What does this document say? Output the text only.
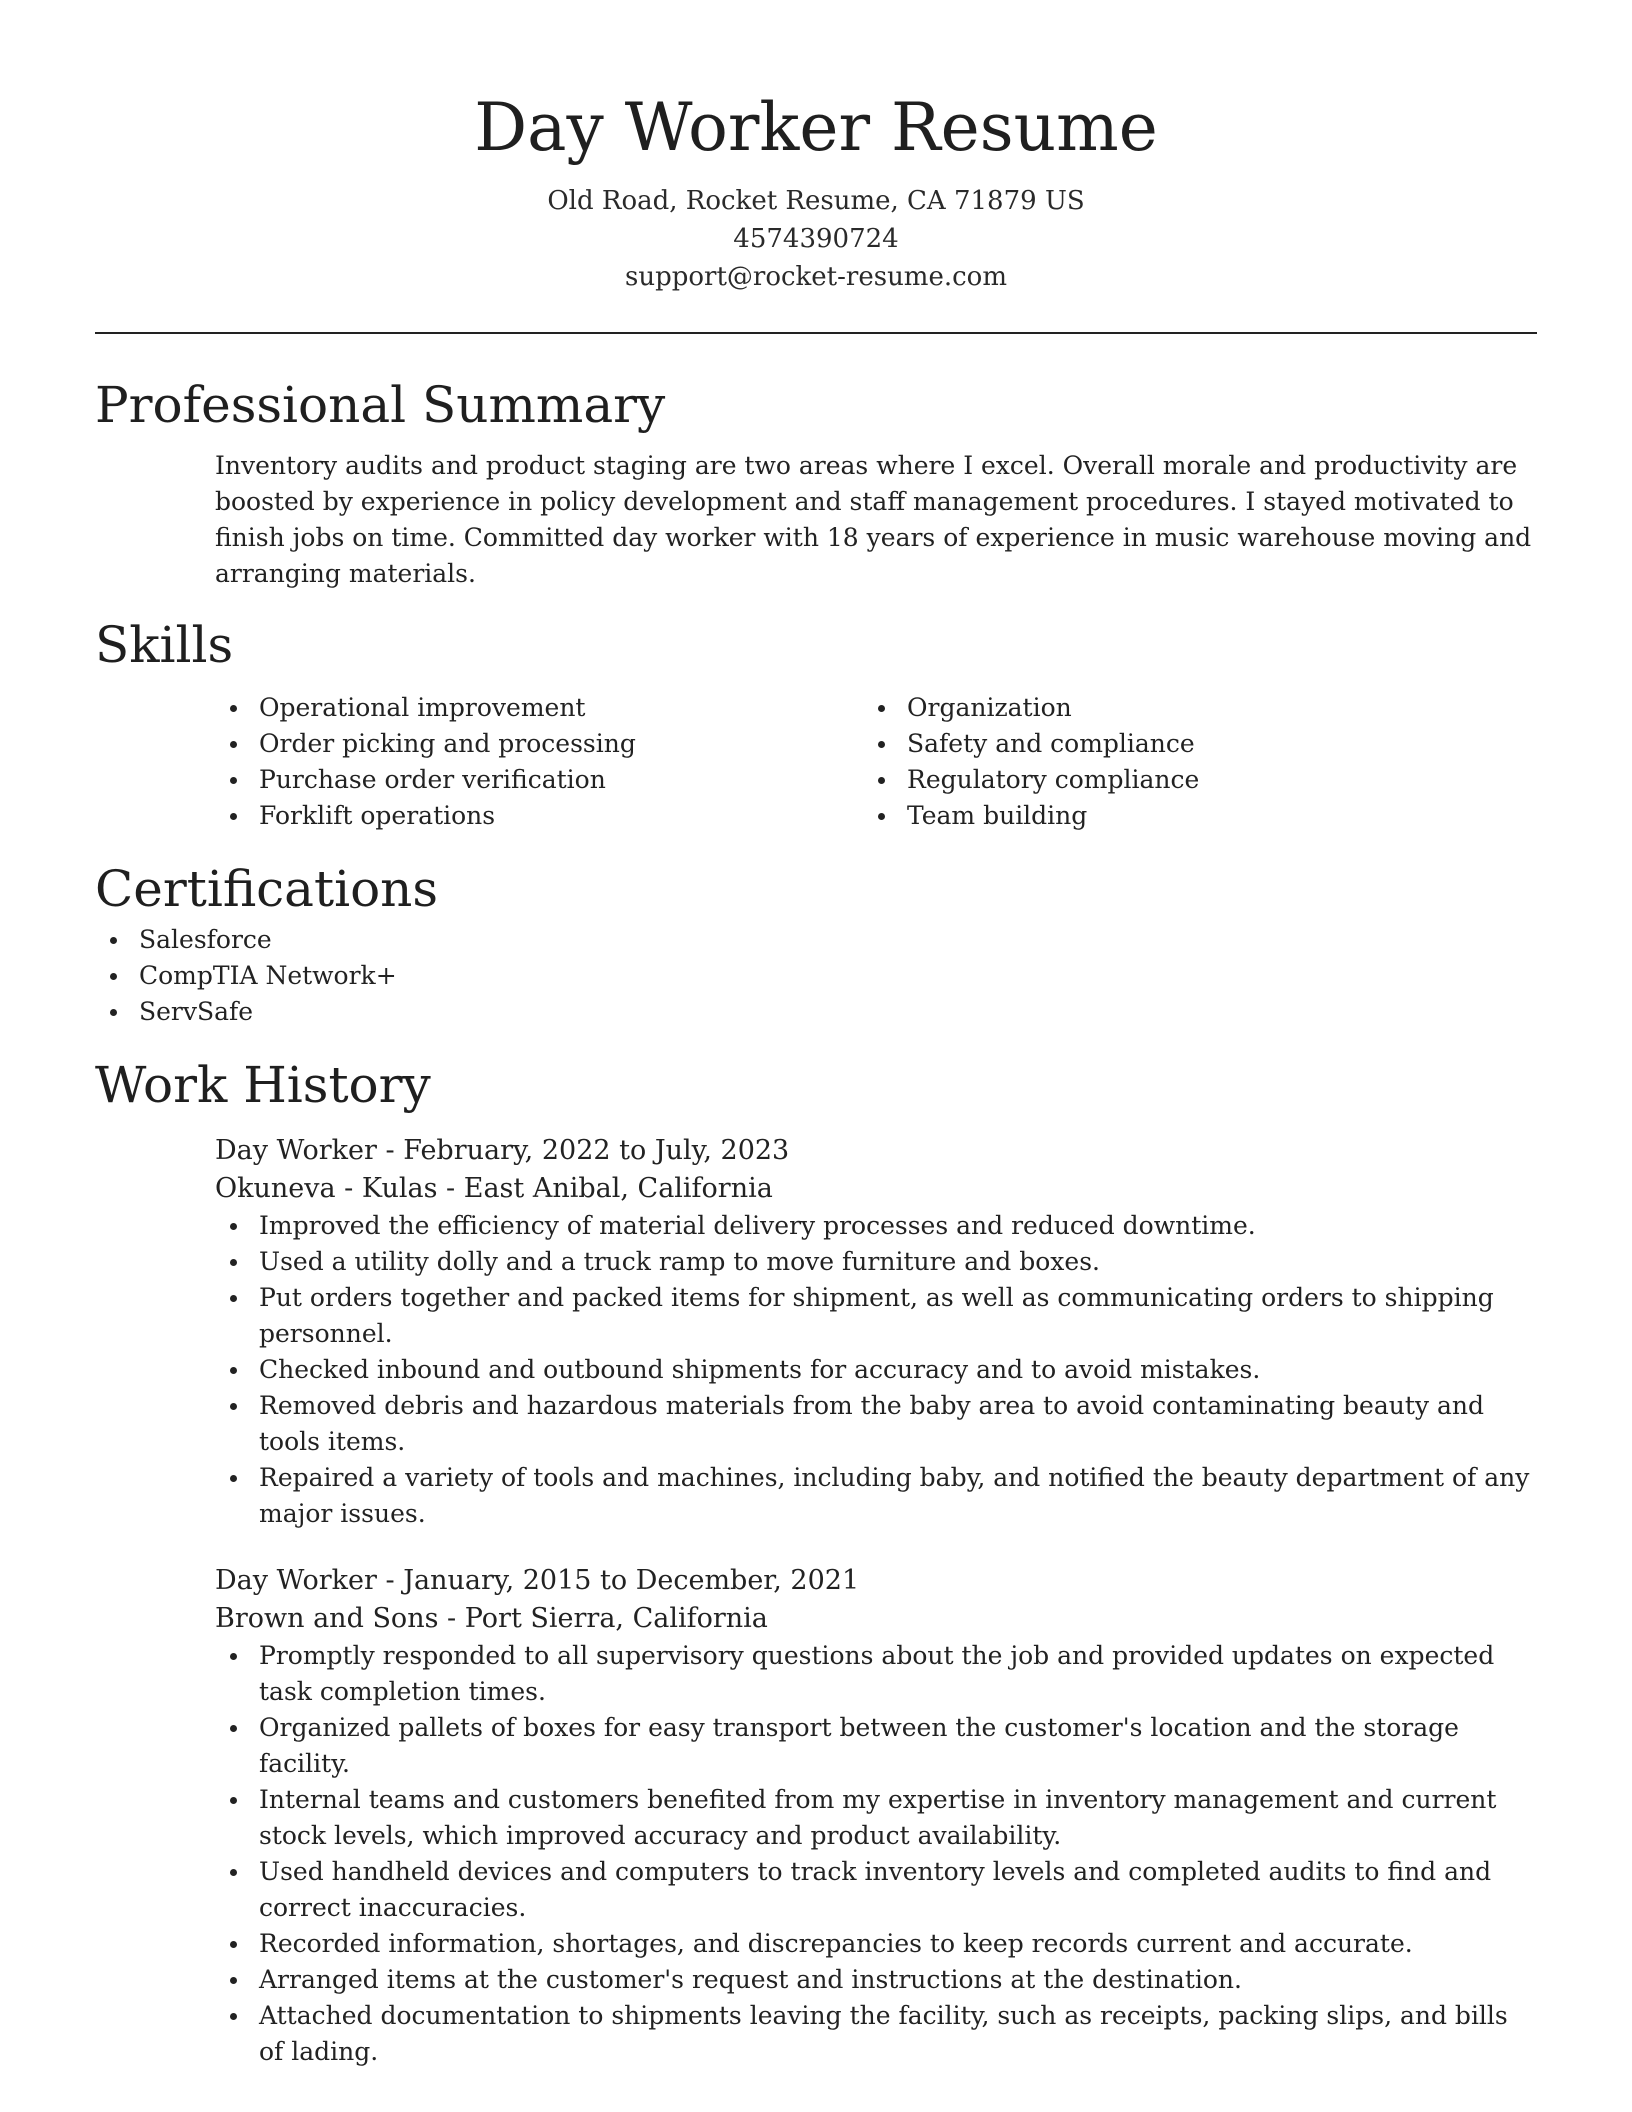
Day Worker Resume
Old Road, Rocket Resume, CA 71879 US
4574390724
support@rocket-resume.com
Professional Summary

Inventory audits and product staging are two areas where I excel. Overall morale and productivity are boosted by experience in policy development and staff management procedures. I stayed motivated to finish jobs on time. Committed day worker with 18 years of experience in music warehouse moving and arranging materials.

Skills
Operational improvement
Order picking and processing
Purchase order verification
Forklift operations
Organization
Safety and compliance
Regulatory compliance
Team building
Certifications
Salesforce
CompTIA Network+
ServSafe
Work History
Day Worker - February, 2022 to July, 2023
Okuneva - Kulas - East Anibal, California
Improved the efficiency of material delivery processes and reduced downtime.
Used a utility dolly and a truck ramp to move furniture and boxes.
Put orders together and packed items for shipment, as well as communicating orders to shipping personnel.
Checked inbound and outbound shipments for accuracy and to avoid mistakes.
Removed debris and hazardous materials from the baby area to avoid contaminating beauty and tools items.
Repaired a variety of tools and machines, including baby, and notified the beauty department of any major issues.
Day Worker - January, 2015 to December, 2021
Brown and Sons - Port Sierra, California
Promptly responded to all supervisory questions about the job and provided updates on expected task completion times.
Organized pallets of boxes for easy transport between the customer's location and the storage facility.
Internal teams and customers benefited from my expertise in inventory management and current stock levels, which improved accuracy and product availability.
Used handheld devices and computers to track inventory levels and completed audits to find and correct inaccuracies.
Recorded information, shortages, and discrepancies to keep records current and accurate.
Arranged items at the customer's request and instructions at the destination.
Attached documentation to shipments leaving the facility, such as receipts, packing slips, and bills of lading.
